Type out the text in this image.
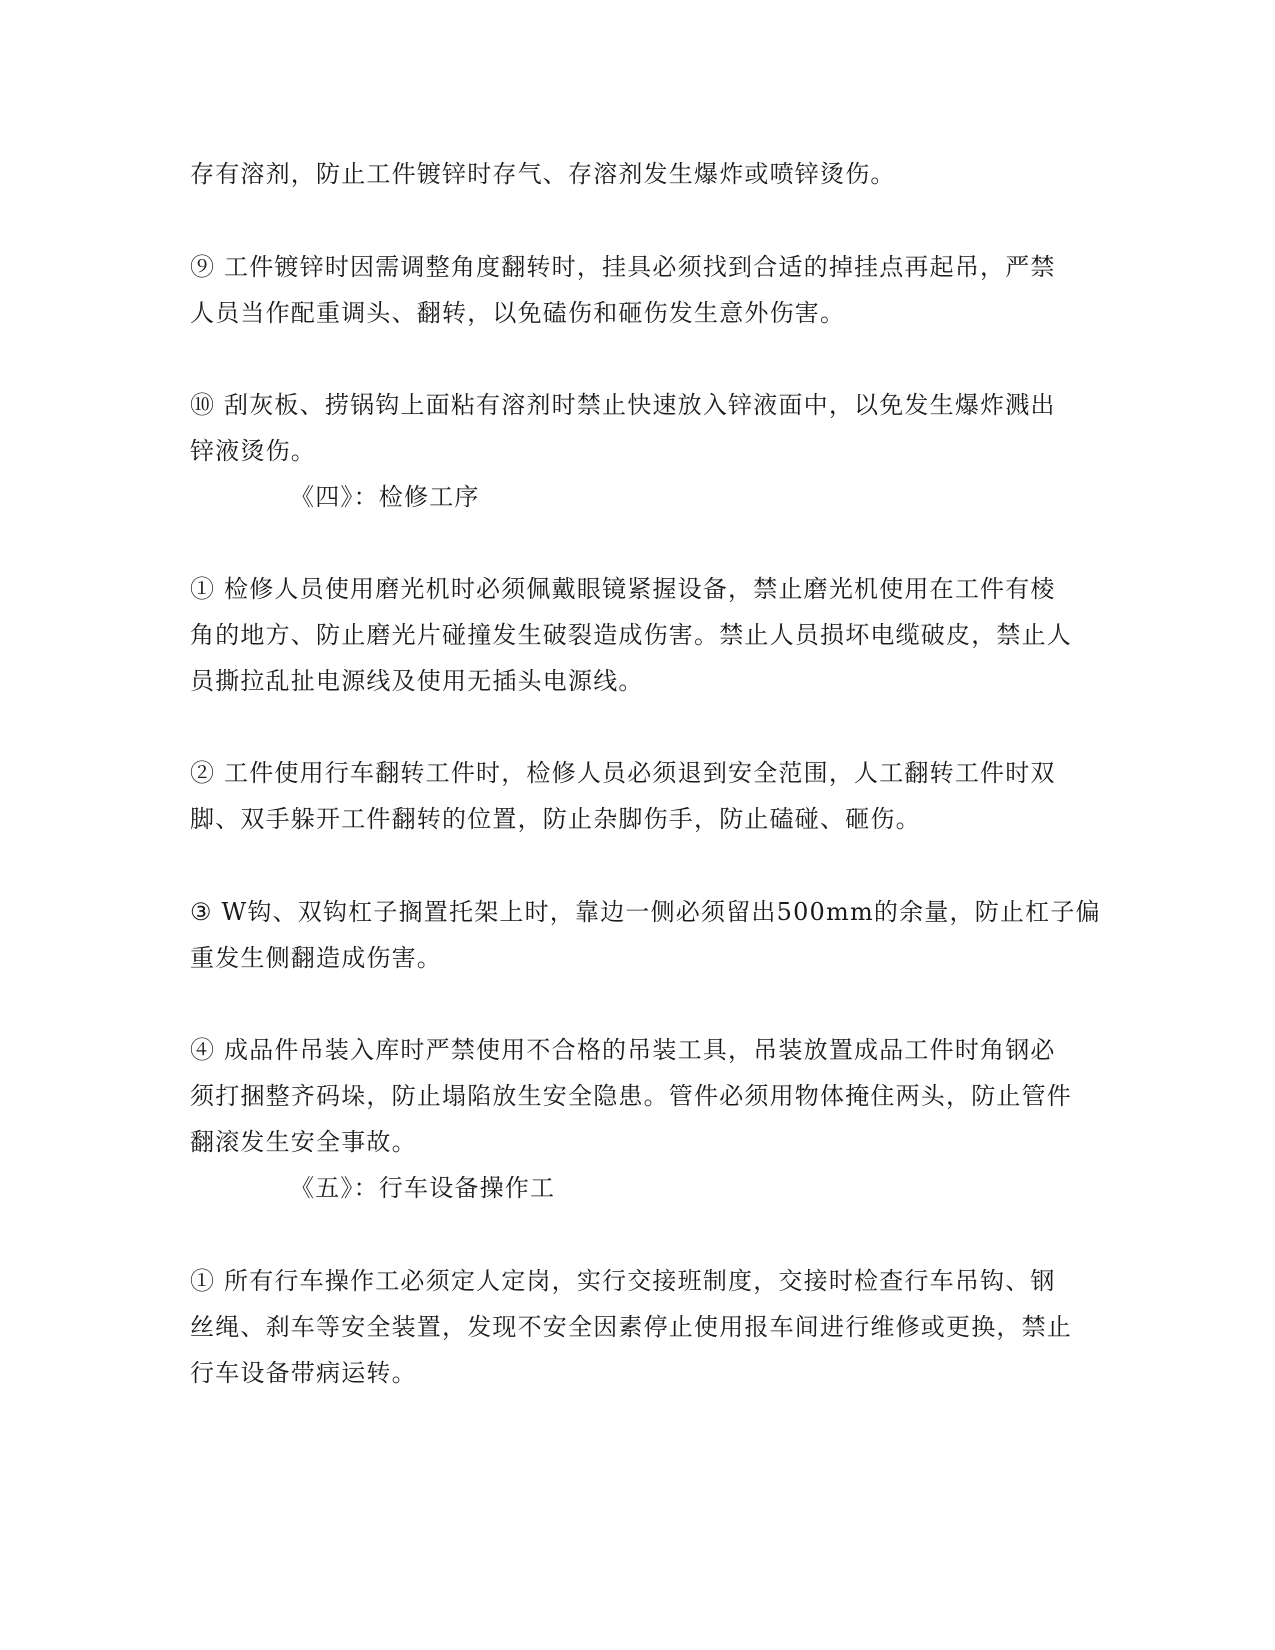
存有溶剂，防止工件镀锌时存气、存溶剂发生爆炸或喷锌烫伤。
⑨ 工件镀锌时因需调整角度翻转时，挂具必须找到合适的掉挂点再起吊，严禁
人员当作配重调头、翻转，以免磕伤和砸伤发生意外伤害。
⑩ 刮灰板、捞锅钩上面粘有溶剂时禁止快速放入锌液面中，以免发生爆炸溅出
锌液烫伤。
《四》：检修工序
① 检修人员使用磨光机时必须佩戴眼镜紧握设备，禁止磨光机使用在工件有棱
角的地方、防止磨光片碰撞发生破裂造成伤害。禁止人员损坏电缆破皮，禁止人
员撕拉乱扯电源线及使用无插头电源线。
② 工件使用行车翻转工件时，检修人员必须退到安全范围，人工翻转工件时双
脚、双手躲开工件翻转的位置，防止杂脚伤手，防止磕碰、砸伤。
③ W钩、双钩杠子搁置托架上时，靠边一侧必须留出500mm的余量，防止杠子偏
重发生侧翻造成伤害。
④ 成品件吊装入库时严禁使用不合格的吊装工具，吊装放置成品工件时角钢必
须打捆整齐码垛，防止塌陷放生安全隐患。管件必须用物体掩住两头，防止管件
翻滚发生安全事故。
《五》：行车设备操作工
① 所有行车操作工必须定人定岗，实行交接班制度，交接时检查行车吊钩、钢
丝绳、刹车等安全装置，发现不安全因素停止使用报车间进行维修或更换，禁止
行车设备带病运转。
